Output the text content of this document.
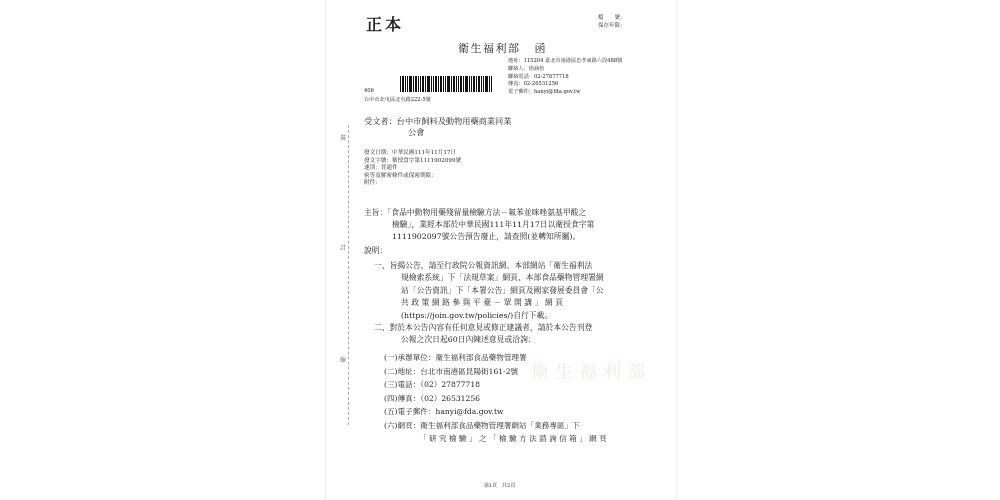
裝
訂
線
衛生福利部
正本	檔　　號：
保存年限：
衛生福利部 函
地址：115204 臺北市南港區忠孝東路六段488號
聯絡人：徐涵怡
聯絡電話：02-27877718
傳真：02-26531256
電子郵件：hanyi@fda.gov.tw
406
台中市北屯區北屯路222-5號
受文者：台中市飼料及動物用藥商業同業
公會
發文日期：中華民國111年11月17日
發文字號：衛授食字第1111902099號
速別：普通件
密等及解密條件或保密期限：
附件：
主旨：「食品中動物用藥殘留量檢驗方法－氟苯並咪唑氨基甲酸之
檢驗」，業經本部於中華民國111年11月17日以衛授食字第
1111902097號公告預告廢止，請查照(並轉知所屬)。
說明：
一、旨揭公告，請至行政院公報資訊網、本部網站「衛生福利法
規檢索系統」下「法規草案」網頁、本部食品藥物管理署網
站「公告資訊」下「本署公告」網頁及國家發展委員會「公
共 政 策 網 路 參 與 平 臺 － 眾 開 講 」 網 頁
(https://join.gov.tw/policies/)自行下載。
二、對於本公告內容有任何意見或修正建議者，請於本公告刊登
公報之次日起60日內陳述意見或洽詢：
(一)承辦單位：衛生福利部食品藥物管理署
(二)地址：台北市南港區昆陽街161-2號
(三)電話：（02）27877718
(四)傳真：（02）26531256
(五)電子郵件：hanyi@fda.gov.tw
(六)網頁：衛生福利部食品藥物管理署網站「業務專區」下
「 研 究 檢 驗 」 之 「 檢 驗 方 法 諮 詢 信 箱 」 網 頁
第1頁　共2頁
